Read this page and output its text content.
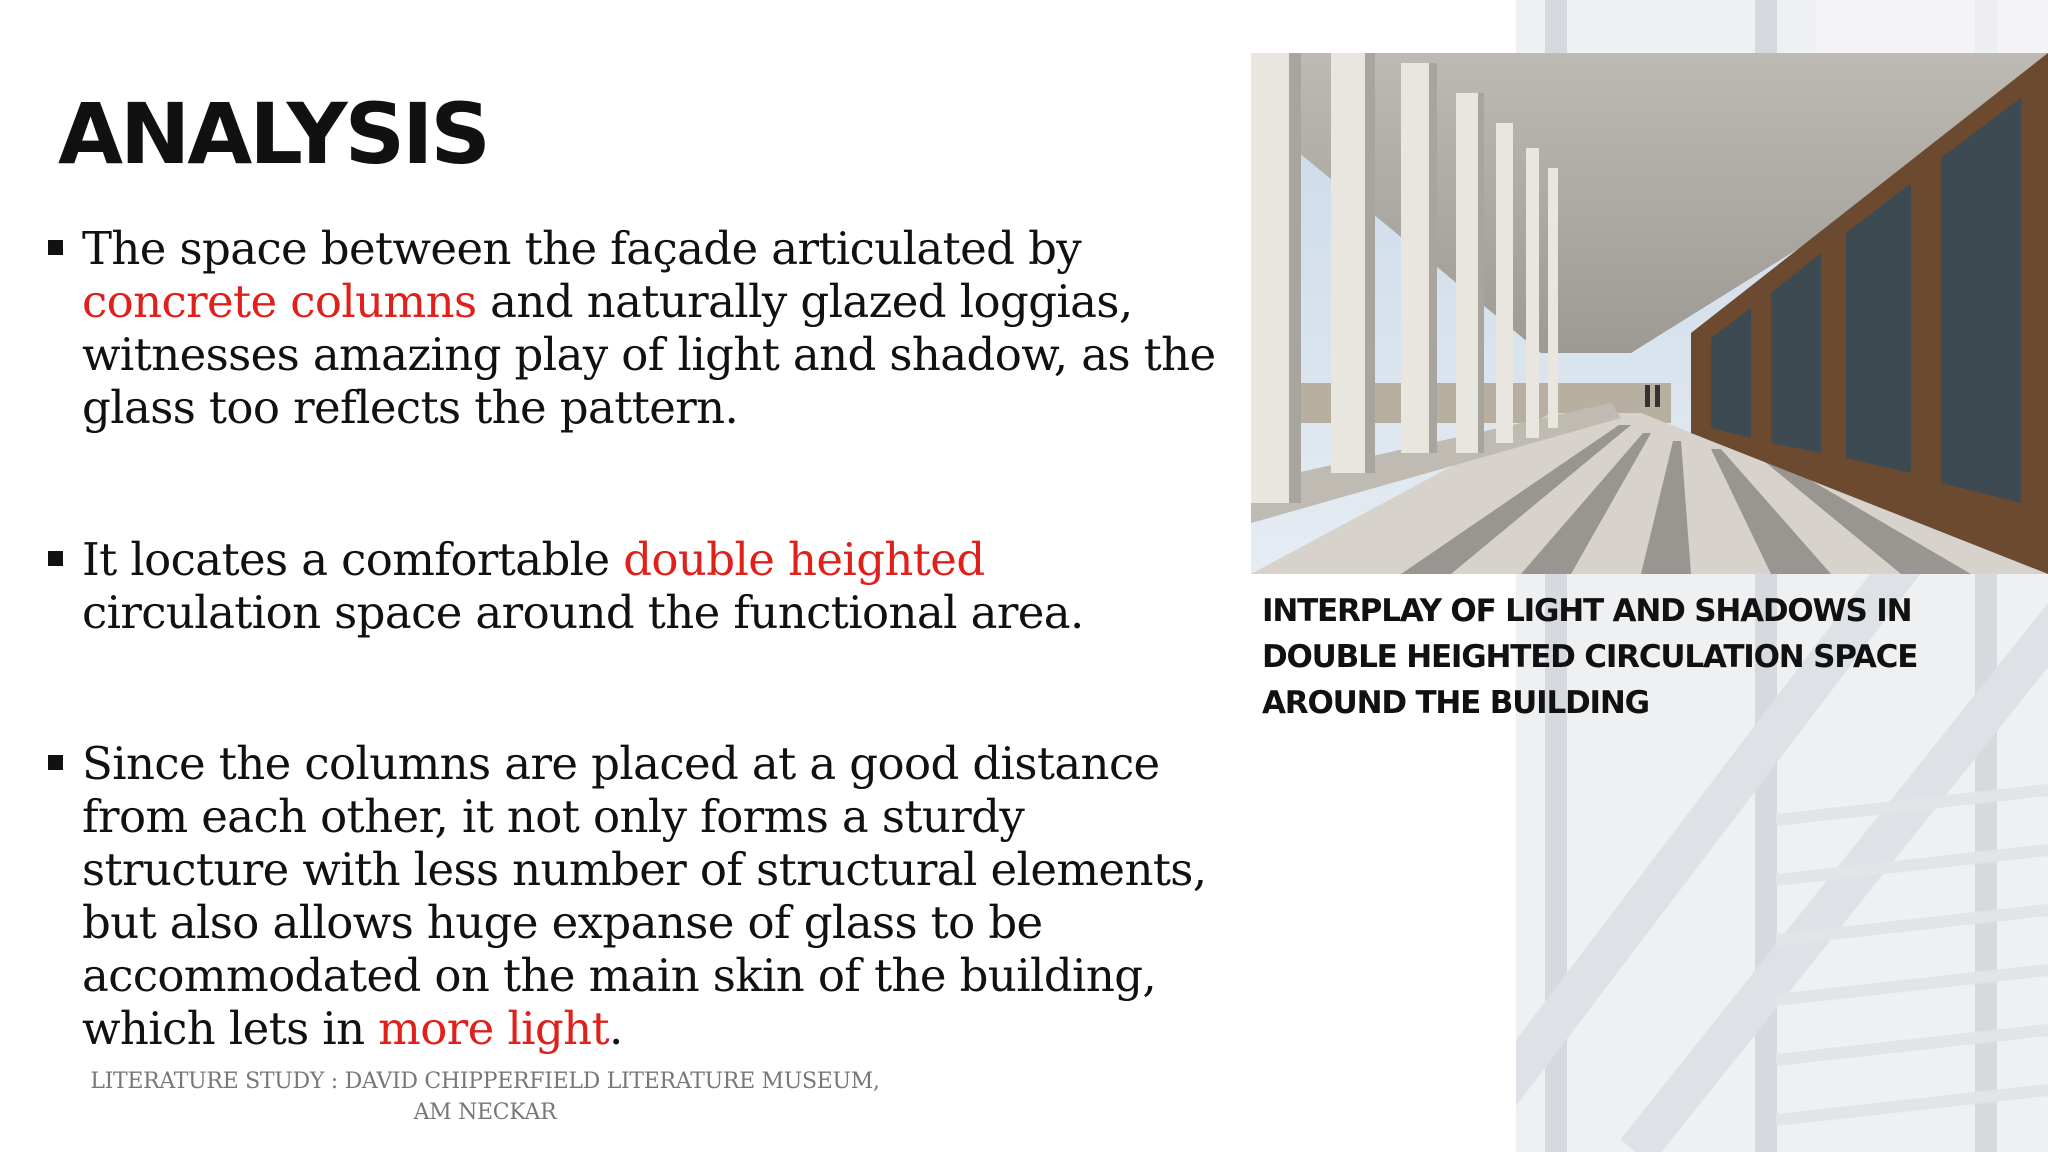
ANALYSIS
The space between the façade articulated by concrete columns and naturally glazed loggias, witnesses amazing play of light and shadow, as the glass too reflects the pattern.
It locates a comfortable double heighted circulation space around the functional area.
Since the columns are placed at a good distance from each other, it not only forms a sturdy structure with less number of structural elements, but also allows huge expanse of glass to be accommodated on the main skin of the building, which lets in more light.
INTERPLAY OF LIGHT AND SHADOWS IN DOUBLE HEIGHTED CIRCULATION SPACE AROUND THE BUILDING
LITERATURE STUDY : DAVID CHIPPERFIELD LITERATURE MUSEUM,
AM NECKAR
